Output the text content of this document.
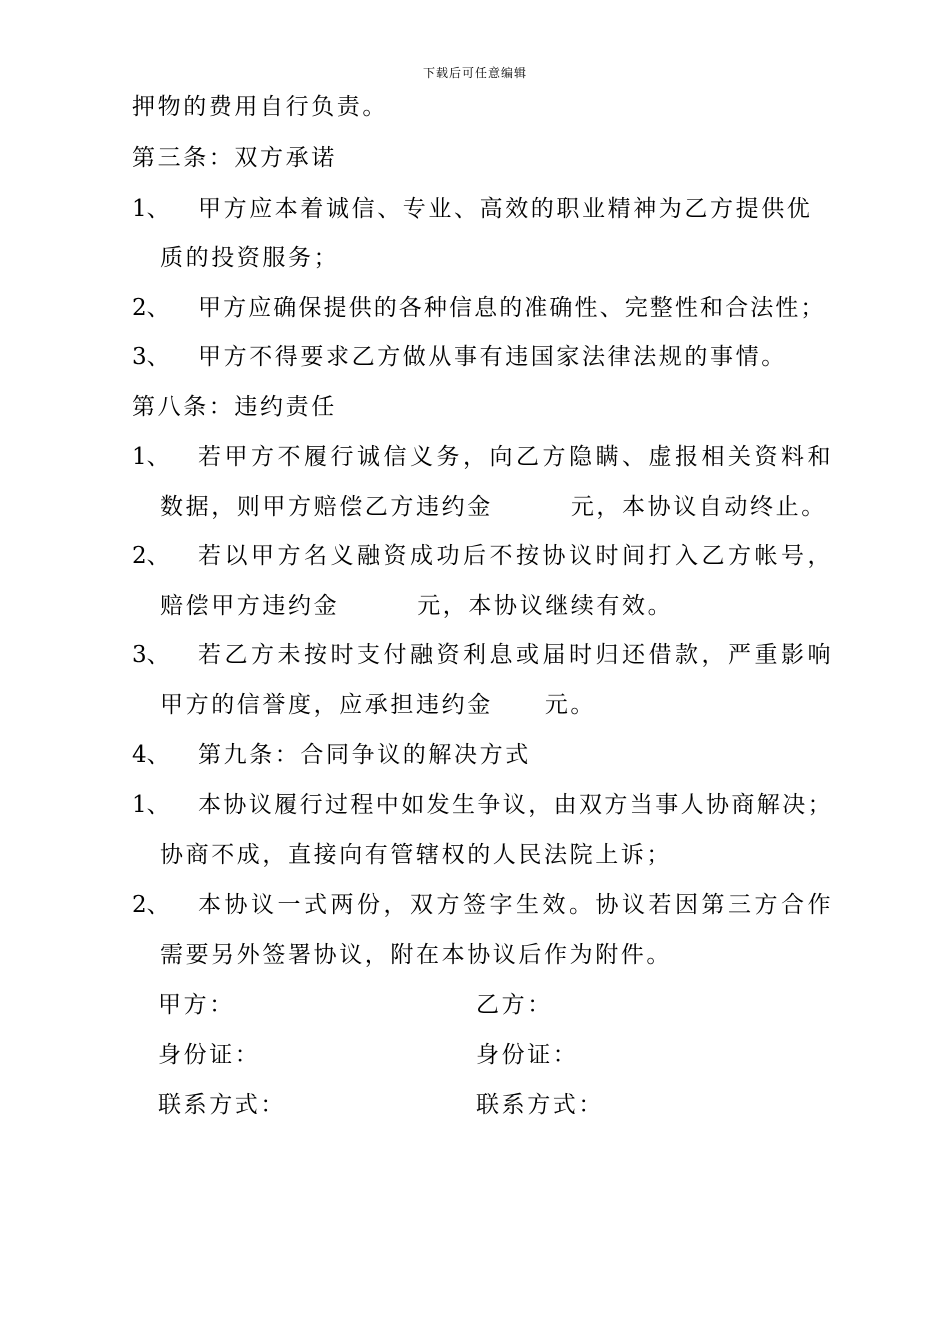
下载后可任意编辑
押物的费用自行负责。
第三条：双方承诺
1、 甲方应本着诚信、专业、高效的职业精神为乙方提供优
质的投资服务；
2、 甲方应确保提供的各种信息的准确性、完整性和合法性；
3、 甲方不得要求乙方做从事有违国家法律法规的事情。
第八条：违约责任
1、 若甲方不履行诚信义务，向乙方隐瞒、虚报相关资料和
数据，则甲方赔偿乙方违约金	元，本协议自动终止。
2、 若以甲方名义融资成功后不按协议时间打入乙方帐号，
赔偿甲方违约金	元，本协议继续有效。
3、 若乙方未按时支付融资利息或届时归还借款，严重影响
甲方的信誉度，应承担违约金 元。
4、 第九条：合同争议的解决方式
1、 本协议履行过程中如发生争议，由双方当事人协商解决；
协商不成，直接向有管辖权的人民法院上诉；
2、 本协议一式两份，双方签字生效。协议若因第三方合作
需要另外签署协议，附在本协议后作为附件。
甲方：	乙方：
身份证：	身份证：
联系方式：	联系方式：
